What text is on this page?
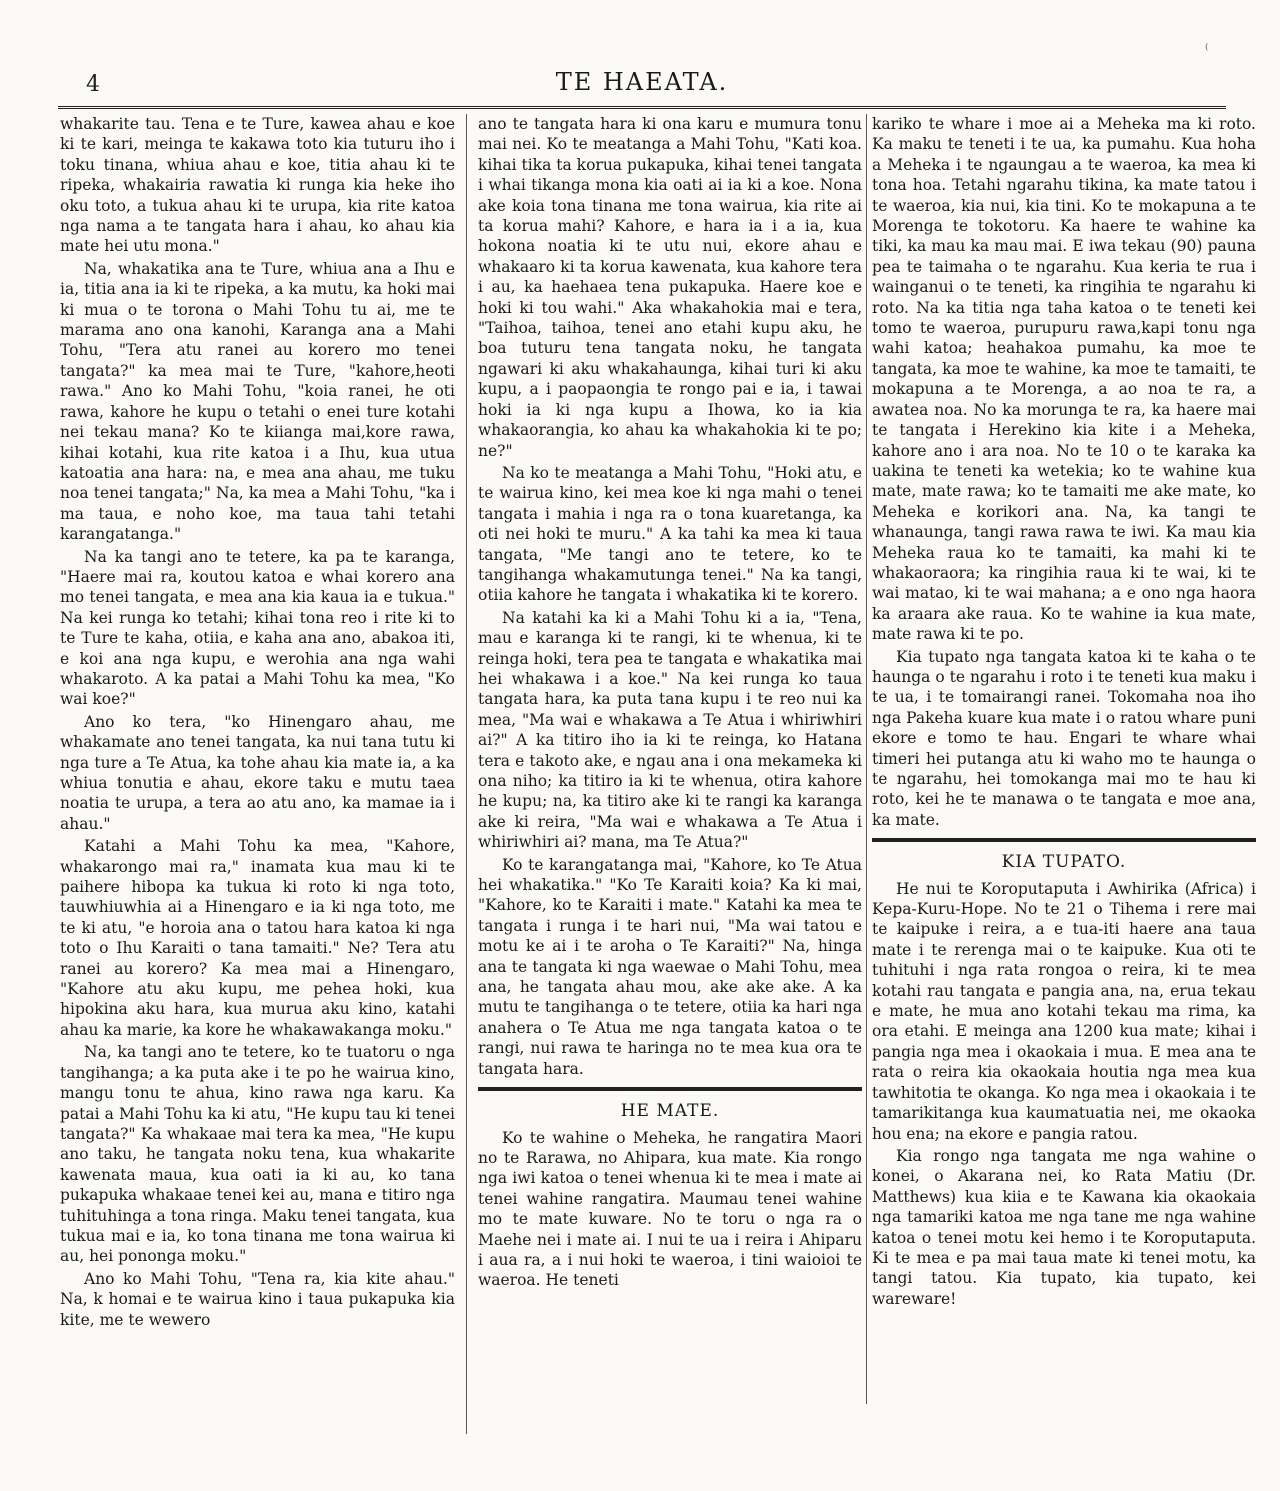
⁽
4	TE HAEATA.

whakarite tau. Tena e te Ture, kawea ahau e koe ki te kari, meinga te kakawa toto kia tuturu iho i toku tinana, whiua ahau e koe, titia ahau ki te ripeka, whakairia rawatia ki runga kia heke iho oku toto, a tukua ahau ki te urupa, kia rite katoa nga nama a te tangata hara i ahau, ko ahau kia mate hei utu mona."

Na, whakatika ana te Ture, whiua ana a Ihu e ia, titia ana ia ki te ripeka, a ka mutu, ka hoki mai ki mua o te torona o Mahi Tohu tu ai, me te marama ano ona kanohi, Karanga ana a Mahi Tohu, "Tera atu ranei au korero mo tenei tangata?" ka mea mai te Ture, "kahore,heoti rawa." Ano ko Mahi Tohu, "koia ranei, he oti rawa, kahore he kupu o tetahi o enei ture kotahi nei tekau mana? Ko te kiianga mai,kore rawa, kihai kotahi, kua rite katoa i a Ihu, kua utua katoatia ana hara: na, e mea ana ahau, me tuku noa tenei tangata;" Na, ka mea a Mahi Tohu, "ka i ma taua, e noho koe, ma taua tahi tetahi karangatanga."

Na ka tangi ano te tetere, ka pa te karanga, "Haere mai ra, koutou katoa e whai korero ana mo tenei tangata, e mea ana kia kaua ia e tukua." Na kei runga ko tetahi; kihai tona reo i rite ki to te Ture te kaha, otiia, e kaha ana ano, abakoa iti, e koi ana nga kupu, e werohia ana nga wahi whakaroto. A ka patai a Mahi Tohu ka mea, "Ko wai koe?"

Ano ko tera, "ko Hinengaro ahau, me whakamate ano tenei tangata, ka nui tana tutu ki nga ture a Te Atua, ka tohe ahau kia mate ia, a ka whiua tonutia e ahau, ekore taku e mutu taea noatia te urupa, a tera ao atu ano, ka mamae ia i ahau."

Katahi a Mahi Tohu ka mea, "Kahore, whakarongo mai ra," inamata kua mau ki te paihere hibopa ka tukua ki roto ki nga toto, tauwhiuwhia ai a Hinengaro e ia ki nga toto, me te ki atu, "e horoia ana o tatou hara katoa ki nga toto o Ihu Karaiti o tana tamaiti." Ne? Tera atu ranei au korero? Ka mea mai a Hinengaro, "Kahore atu aku kupu, me pehea hoki, kua hipokina aku hara, kua murua aku kino, katahi ahau ka marie, ka kore he whakawakanga moku."

Na, ka tangi ano te tetere, ko te tuatoru o nga tangihanga; a ka puta ake i te po he wairua kino, mangu tonu te ahua, kino rawa nga karu. Ka patai a Mahi Tohu ka ki atu, "He kupu tau ki tenei tangata?" Ka whakaae mai tera ka mea, "He kupu ano taku, he tangata noku tena, kua whakarite kawenata maua, kua oati ia ki au, ko tana pukapuka whakaae tenei kei au, mana e titiro nga tuhituhinga a tona ringa. Maku tenei tangata, kua tukua mai e ia, ko tona tinana me tona wairua ki au, hei ponongа moku."

Ano ko Mahi Tohu, "Tena ra, kia kite ahau." Na, k homai e te wairua kino i taua pukapuka kia kite, me te wewero

ano te tangata hara ki ona karu e mumura tonu mai nei. Ko te meatanga a Mahi Tohu, "Kati koa. kihai tika ta korua pukapuka, kihai tenei tangata i whai tikanga mona kia oati ai ia ki a koe. Nona ake koia tona tinana me tona wairua, kia rite ai ta korua mahi? Kahore, e hara ia i a ia, kua hokona noatia ki te utu nui, ekore ahau e whakaaro ki ta korua kawenata, kua kahore tera i au, ka haehaea tena pukapuka. Haere koe e hoki ki tou wahi." Aka whakahokia mai e tera, "Taihoa, taihoa, tenei ano etahi kupu aku, he boa tuturu tena tangata noku, he tangata ngawari ki aku whakahaunga, kihai turi ki aku kupu, a i paopaongia te rongo pai e ia, i tawai hoki ia ki nga kupu a Ihowa, ko ia kia whakaorangia, ko ahau ka whakahokia ki te po; ne?"

Na ko te meatanga a Mahi Tohu, "Hoki atu, e te wairua kino, kei mea koe ki nga mahi o tenei tangata i mahia i nga ra o tona kuaretanga, ka oti nei hoki te muru." A ka tahi ka mea ki taua tangata, "Me tangi ano te tetere, ko te tangihanga whakamutunga tenei." Na ka tangi, otiia kahore he tangata i whakatika ki te korero.

Na katahi ka ki a Mahi Tohu ki a ia, "Tena, mau e karanga ki te rangi, ki te whenua, ki te reinga hoki, tera pea te tangata e whakatika mai hei whakawa i a koe." Na kei runga ko taua tangata hara, ka puta tana kupu i te reo nui ka mea, "Ma wai e whakawa a Te Atua i whiriwhiri ai?" A ka titiro iho ia ki te reinga, ko Hatana tera e takoto ake, e ngau ana i ona mekameka ki ona niho; ka titiro ia ki te whenua, otira kahore he kupu; na, ka titiro ake ki te rangi ka karanga ake ki reira, "Ma wai e whakawa a Te Atua i whiriwhiri ai? mana, ma Te Atua?"

Ko te karangatanga mai, "Kahore, ko Te Atua hei whakatika." "Ko Te Karaiti koia? Ka ki mai, "Kahore, ko te Karaiti i mate." Katahi ka mea te tangata i runga i te hari nui, "Ma wai tatou e motu ke ai i te aroha o Te Karaiti?" Na, hinga ana te tangata ki nga waewae o Mahi Tohu, mea ana, he tangata ahau mou, ake ake ake. A ka mutu te tangihanga o te tetere, otiia ka hari nga anahera o Te Atua me nga tangata katoa o te rangi, nui rawa te haringa no te mea kua ora te tangata hara.

HE MATE.

Ko te wahine o Meheka, he rangatira Maori no te Rarawa, no Ahipara, kua mate. Kia rongo nga iwi katoa o tenei whenua ki te mea i mate ai tenei wahine rangatira. Maumau tenei wahine mo te mate kuware. No te toru o nga ra o Maehe nei i mate ai. I nui te ua i reira i Ahiparu i aua ra, a i nui hoki te waeroa, i tini waioioi te waeroa. He teneti

kariko te whare i moe ai a Meheka ma ki roto. Ka maku te teneti i te ua, ka pumahu. Kua hoha a Meheka i te ngaungau a te waeroa, ka mea ki tona hoa. Tetahi ngarahu tikina, ka mate tatou i te waeroa, kia nui, kia tini. Ko te mokapuna a te Morenga te tokotoru. Ka haere te wahine ka tiki, ka mau ka mau mai. E iwa tekau (90) pauna pea te taimaha o te ngarahu. Kua keria te rua i wainganui o te teneti, ka ringihia te ngarahu ki roto. Na ka titia nga taha katoa o te teneti kei tomo te waeroa, purupuru rawa,kapi tonu nga wahi katoa; heahakoa pumahu, ka moe te tangata, ka moe te wahine, ka moe te tamaiti, te mokapuna a te Morenga, a ao noa te ra, a awatea noa. No ka morunga te ra, ka haere mai te tangata i Herekino kia kite i a Meheka, kahore ano i ara noa. No te 10 o te karaka ka uakina te teneti ka wetekia; ko te wahine kua mate, mate rawa; ko te tamaiti me ake mate, ko Meheka e korikori ana. Na, ka tangi te whanaunga, tangi rawa rawa te iwi. Ka mau kia Meheka raua ko te tamaiti, ka mahi ki te whakaoraora; ka ringihia raua ki te wai, ki te wai matao, ki te wai mahana; a e ono nga haora ka araara ake raua. Ko te wahine ia kua mate, mate rawa ki te po.

Kia tupato nga tangata katoa ki te kaha o te haunga o te ngarahu i roto i te teneti kua maku i te ua, i te tomairangi ranei. Tokomaha noa iho nga Pakeha kuare kua mate i o ratou whare puni ekore e tomo te hau. Engari te whare whai timeri hei putanga atu ki waho mo te haunga o te ngarahu, hei tomokanga mai mo te hau ki roto, kei he te manawa o te tangata e moe ana, ka mate.

KIA TUPATO.

He nui te Koroputaputa i Awhirika (Africa) i Kepa-Kuru-Hope. No te 21 o Tihema i rere mai te kaipuke i reira, a e tua-iti haere ana taua mate i te rerenga mai o te kaipuke. Kua oti te tuhituhi i nga rata rongoa o reira, ki te mea kotahi rau tangata e pangia ana, na, erua tekau e mate, he mua ano kotahi tekau ma rima, ka ora etahi. E meinga ana 1200 kua mate; kihai i pangia nga mea i okaokaia i mua. E mea ana te rata o reira kia okaokaia houtia nga mea kua tawhitotia te okanga. Ko nga mea i okaokaia i te tamarikitanga kua kaumatuatia nei, me okaoka hou ena; na ekore e pangia ratou.

Kia rongo nga tangata me nga wahine o konei, o Akarana nei, ko Rata Matiu (Dr. Matthews) kua kiia e te Kawana kia okaokaia nga tamariki katoa me nga tane me nga wahine katoa o tenei motu kei hemo i te Koroputaputa. Ki te mea e pa mai taua mate ki tenei motu, ka tangi tatou. Kia tupato, kia tupato, kei wareware!
